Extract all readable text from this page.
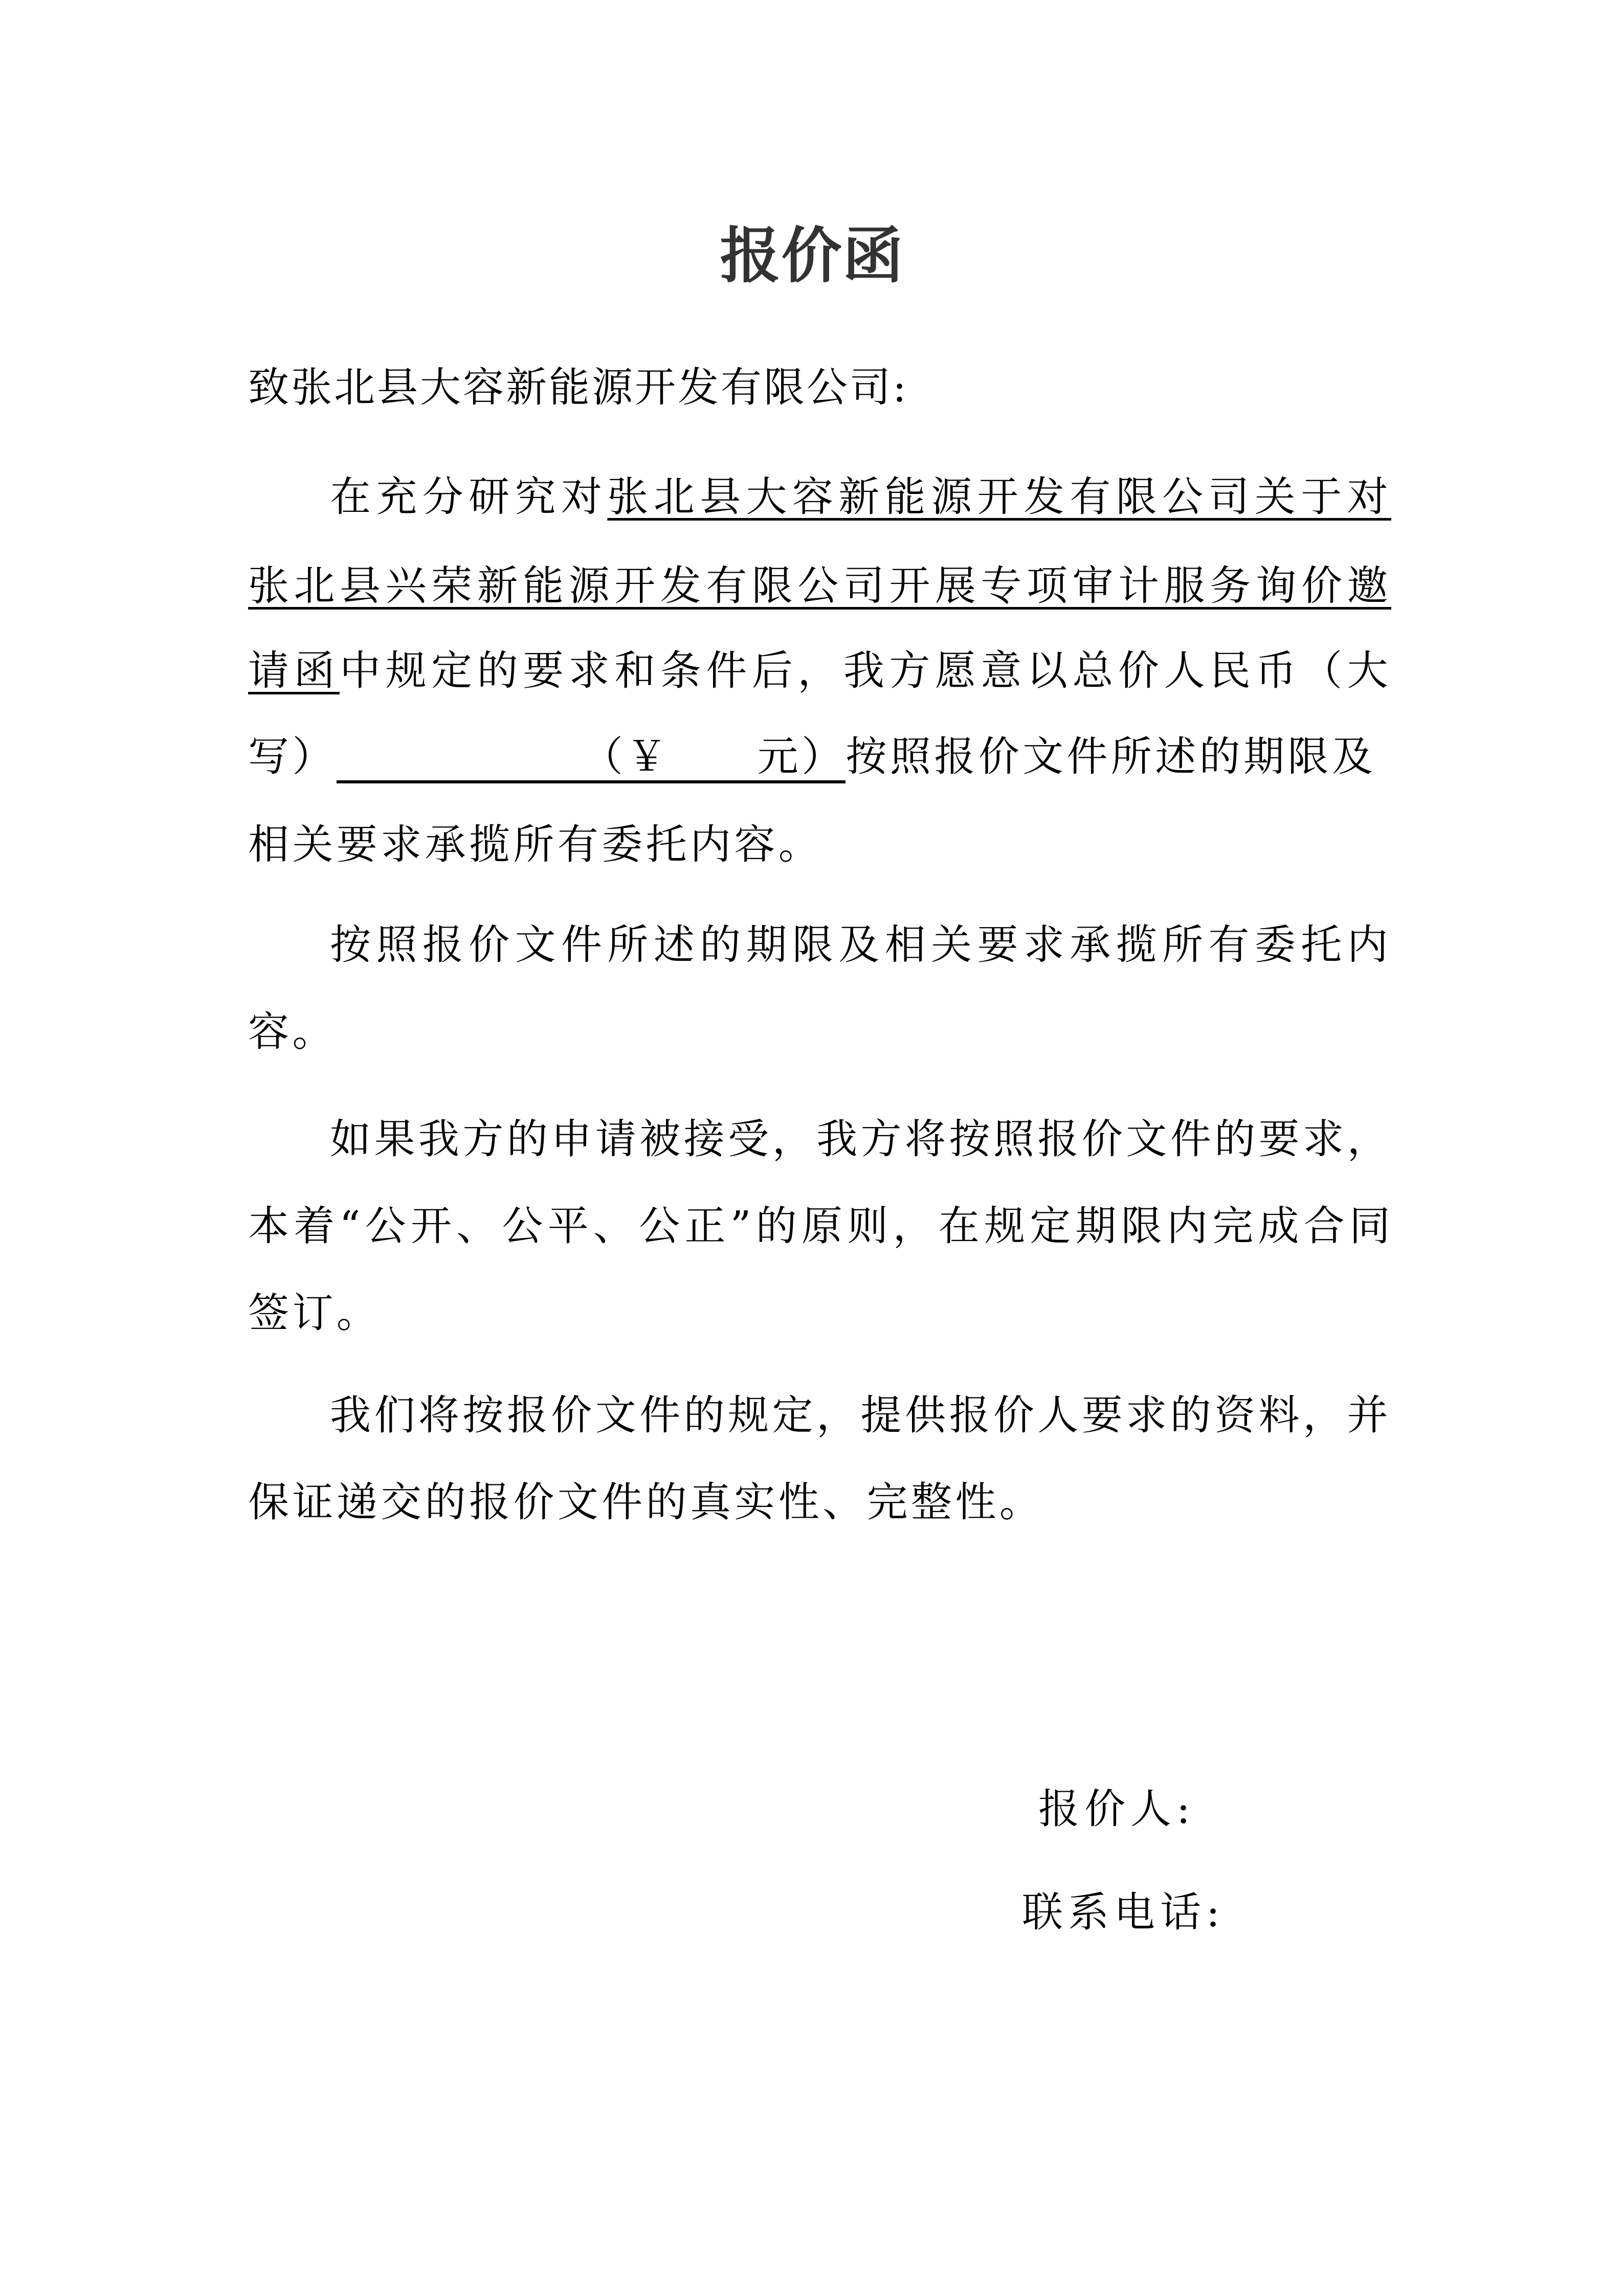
报价函
致张北县大容新能源开发有限公司:
在充分研究对张北县大容新能源开发有限公司关于对
张北县兴荣新能源开发有限公司开展专项审计服务询价邀
请函中规定的要求和条件后，我方愿意以总价人民币（大
写）	（￥ 元）按照报价文件所述的期限及
相关要求承揽所有委托内容。
按照报价文件所述的期限及相关要求承揽所有委托内
容。
如果我方的申请被接受，我方将按照报价文件的要求，
本着“公开、公平、公正”的原则，在规定期限内完成合同
签订。
我们将按报价文件的规定，提供报价人要求的资料，并
保证递交的报价文件的真实性、完整性。
报价人:
联系电话:
